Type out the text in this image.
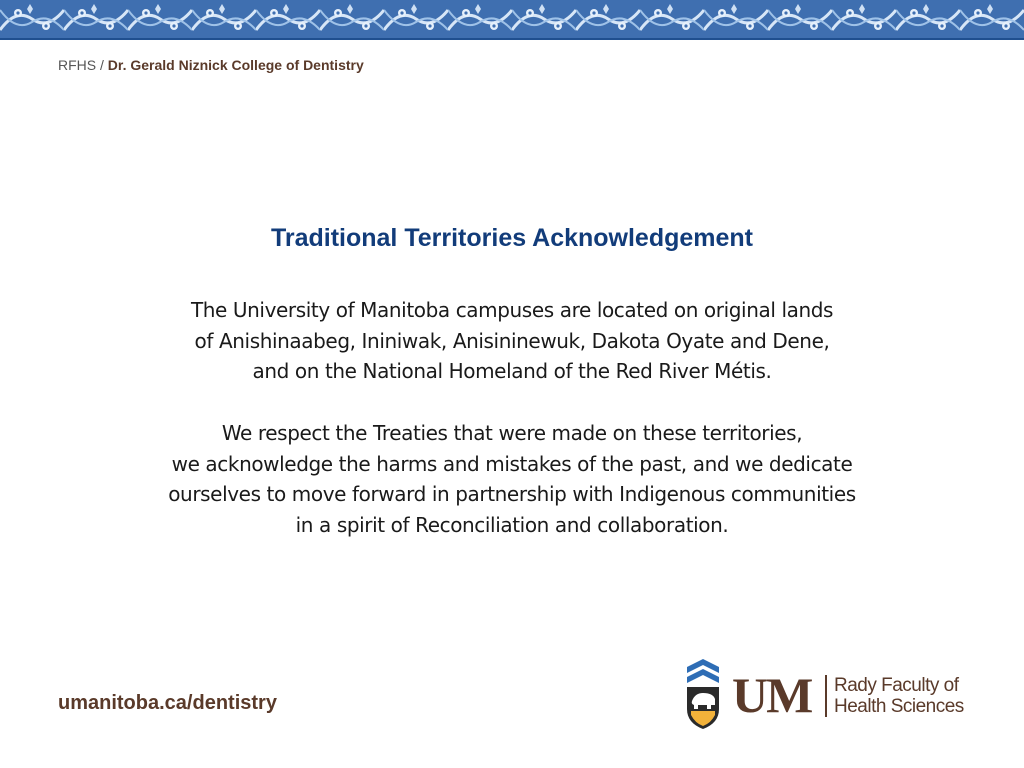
RFHS / Dr. Gerald Niznick College of Dentistry
Traditional Territories Acknowledgement
The University of Manitoba campuses are located on original lands
of Anishinaabeg, Ininiwak, Anisininewuk, Dakota Oyate and Dene,
and on the National Homeland of the Red River Métis.
We respect the Treaties that were made on these territories,
we acknowledge the harms and mistakes of the past, and we dedicate
ourselves to move forward in partnership with Indigenous communities
in a spirit of Reconciliation and collaboration.
umanitoba.ca/dentistry	UM Rady Faculty of
Health Sciences
